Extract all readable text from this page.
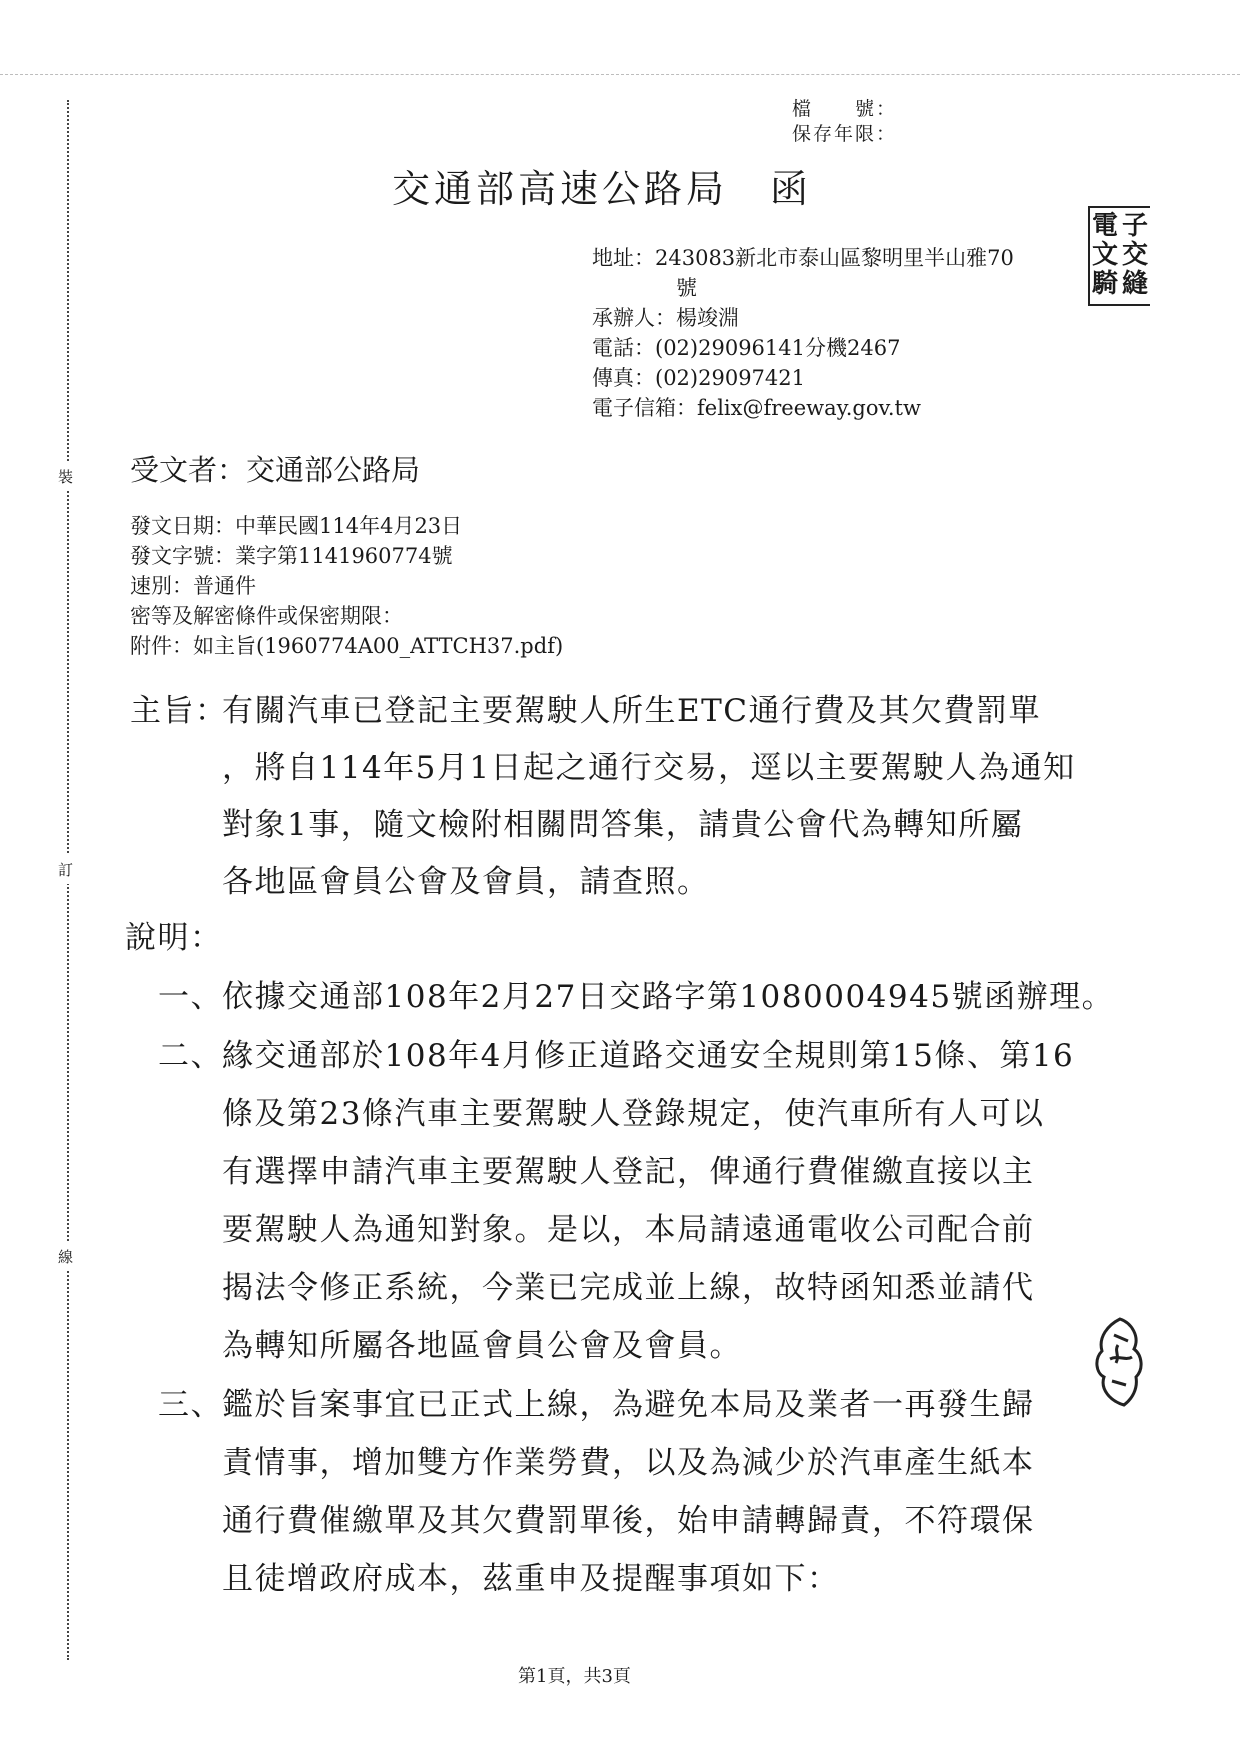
裝
訂
線
檔　　號：
保存年限：
交通部高速公路局　函
電 子
文 交
騎 縫
地址：243083新北市泰山區黎明里半山雅70
號
承辦人：楊竣淵
電話：(02)29096141分機2467
傳真：(02)29097421
電子信箱：felix@freeway.gov.tw
受文者：交通部公路局
發文日期：中華民國114年4月23日
發文字號：業字第1141960774號
速別：普通件
密等及解密條件或保密期限：
附件：如主旨(1960774A00_ATTCH37.pdf)
主旨：
有關汽車已登記主要駕駛人所生ETC通行費及其欠費罰單
，將自114年5月1日起之通行交易，逕以主要駕駛人為通知
對象1事，隨文檢附相關問答集，請貴公會代為轉知所屬
各地區會員公會及會員，請查照。
說明：
一、 依據交通部108年2月27日交路字第1080004945號函辦理。
二、 緣交通部於108年4月修正道路交通安全規則第15條、第16
條及第23條汽車主要駕駛人登錄規定，使汽車所有人可以
有選擇申請汽車主要駕駛人登記，俾通行費催繳直接以主
要駕駛人為通知對象。是以，本局請遠通電收公司配合前
揭法令修正系統，今業已完成並上線，故特函知悉並請代
為轉知所屬各地區會員公會及會員。
三、 鑑於旨案事宜已正式上線，為避免本局及業者一再發生歸
責情事，增加雙方作業勞費，以及為減少於汽車產生紙本
通行費催繳單及其欠費罰單後，始申請轉歸責，不符環保
且徒增政府成本，茲重申及提醒事項如下：
第1頁，共3頁
